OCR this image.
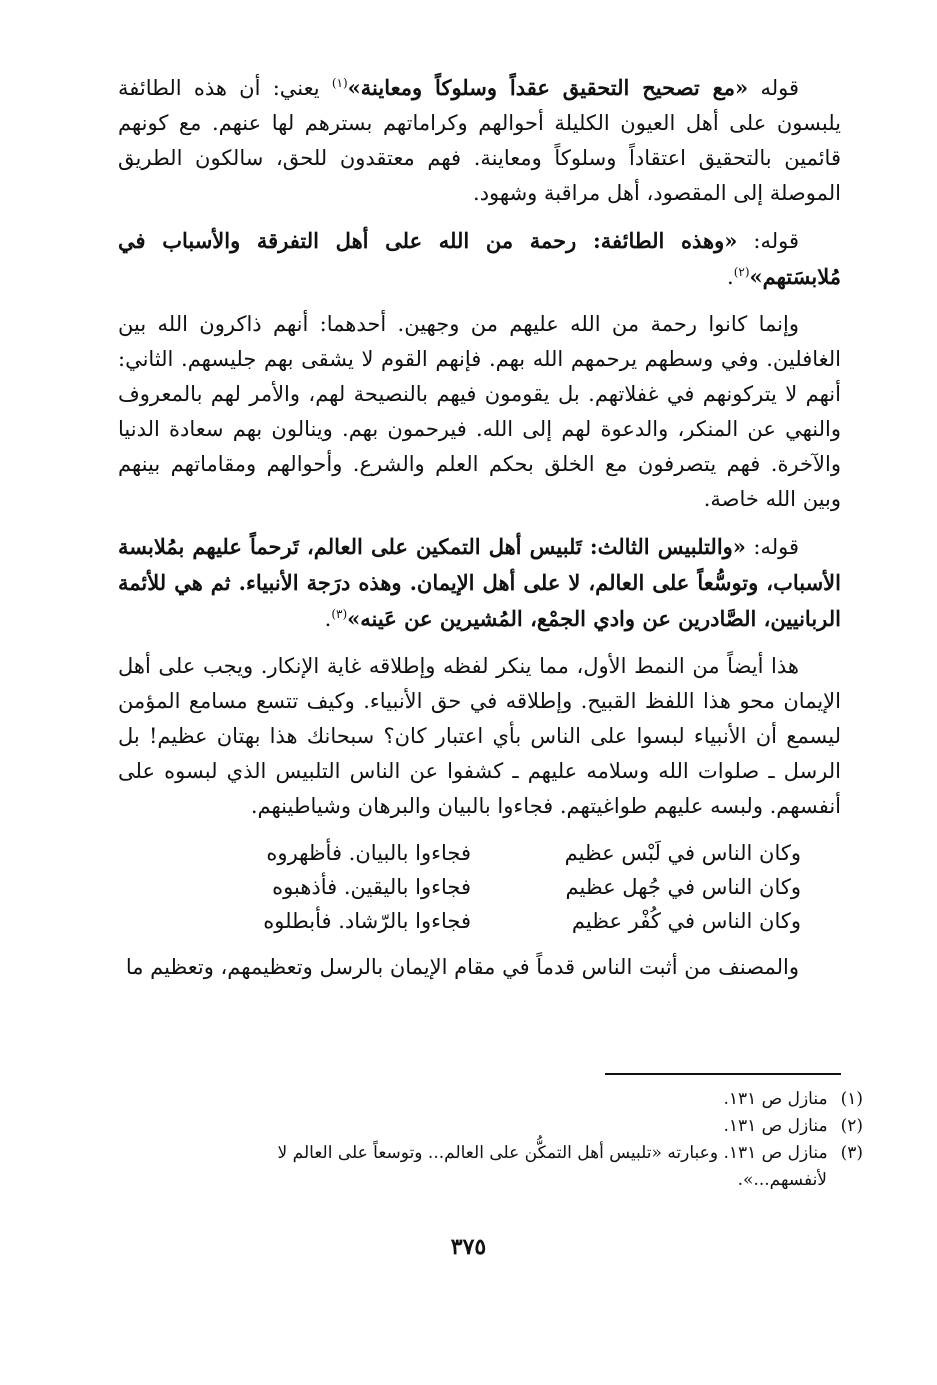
قوله «مع تصحيح التحقيق عقداً وسلوكاً ومعاينة»$^{(١)}$ يعني: أن هذه الطائفة يلبسون على أهل العيون الكليلة أحوالهم وكراماتهم بسترهم لها عنهم. مع كونهم قائمين بالتحقيق اعتقاداً وسلوكاً ومعاينة. فهم معتقدون للحق، سالكون الطريق الموصلة إلى المقصود، أهل مراقبة وشهود.

قوله: «وهذه الطائفة: رحمة من الله على أهل التفرقة والأسباب في مُلابسَتهم»$^{(٢)}$.

وإنما كانوا رحمة من الله عليهم من وجهين. أحدهما: أنهم ذاكرون الله بين الغافلين. وفي وسطهم يرحمهم الله بهم. فإنهم القوم لا يشقى بهم جليسهم. الثاني: أنهم لا يتركونهم في غفلاتهم. بل يقومون فيهم بالنصيحة لهم، والأمر لهم بالمعروف والنهي عن المنكر، والدعوة لهم إلى الله. فيرحمون بهم. وينالون بهم سعادة الدنيا والآخرة. فهم يتصرفون مع الخلق بحكم العلم والشرع. وأحوالهم ومقاماتهم بينهم وبين الله خاصة.

قوله: «والتلبيس الثالث: تَلبيس أهل التمكين على العالم، تَرحماً عليهم بمُلابسة الأسباب، وتوسُّعاً على العالم، لا على أهل الإيمان. وهذه درَجة الأنبياء. ثم هي للأئمة الربانيين، الصَّادرين عن وادي الجمْع، المُشيرين عن عَينه»$^{(٣)}$.

هذا أيضاً من النمط الأول، مما ينكر لفظه وإطلاقه غاية الإنكار. ويجب على أهل الإيمان محو هذا اللفظ القبيح. وإطلاقه في حق الأنبياء. وكيف تتسع مسامع المؤمن ليسمع أن الأنبياء لبسوا على الناس بأي اعتبار كان؟ سبحانك هذا بهتان عظيم! بل الرسل ـ صلوات الله وسلامه عليهم ـ كشفوا عن الناس التلبيس الذي لبسوه على أنفسهم. ولبسه عليهم طواغيتهم. فجاءوا بالبيان والبرهان وشياطينهم.

وكان الناس في لَبْس عظيم
فجاءوا بالبيان. فأظهروه
وكان الناس في جُهل عظيم
فجاءوا باليقين. فأذهبوه
وكان الناس في كُفْر عظيم
فجاءوا بالرّشاد. فأبطلوه

والمصنف من أثبت الناس قدماً في مقام الإيمان بالرسل وتعظيمهم، وتعظيم ما

(١) منازل ص ١٣١.

(٢) منازل ص ١٣١.

(٣) منازل ص ١٣١. وعبارته «تلبيس أهل التمكُّن على العالم... وتوسعاً على العالم لا

لأنفسهم...».

٣٧٥
